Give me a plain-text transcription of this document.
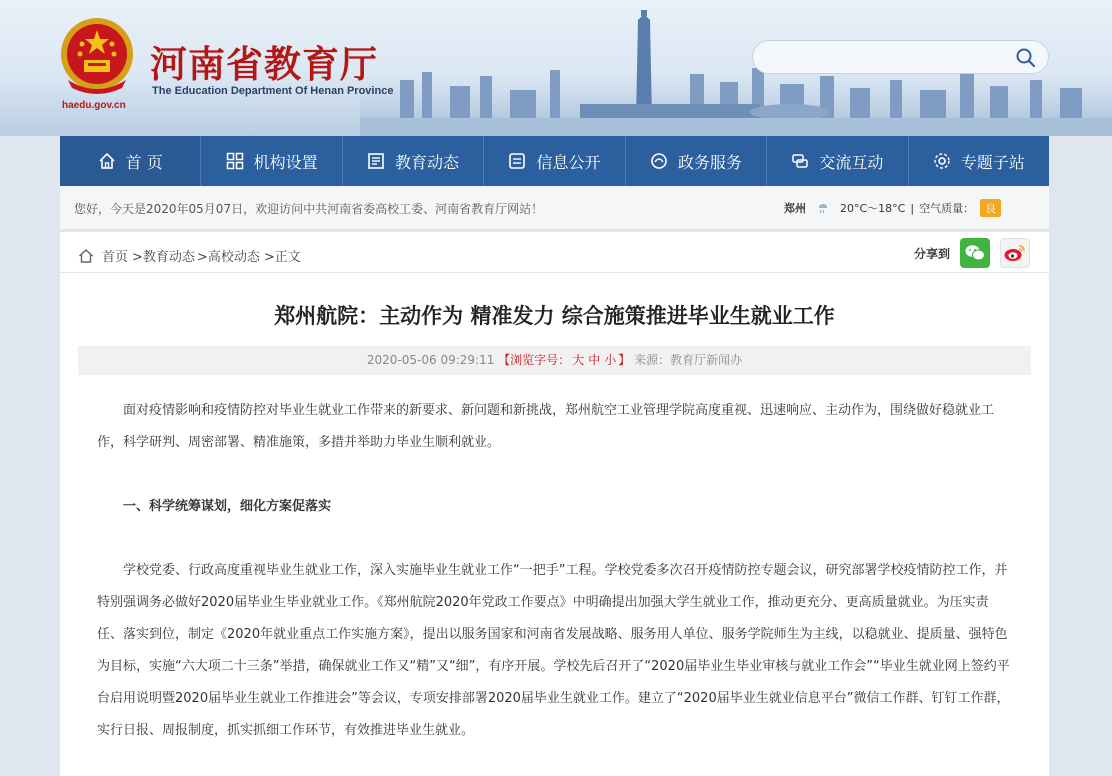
haedu.gov.cn
河南省教育厅
The Education Department Of Henan Province
首 页	机构设置	教育动态	信息公开	政务服务	交流互动	专题子站
您好，今天是2020年05月07日，欢迎访问中共河南省委高校工委、河南省教育厅网站！	郑州	20°C～18°C | 空气质量：	良
首页 >教育动态 >高校动态 >正文	分享到
郑州航院：主动作为 精准发力 综合施策推进毕业生就业工作
2020-05-06 09:29:11 【浏览字号： 大 中 小 】 来源：教育厅新闻办

面对疫情影响和疫情防控对毕业生就业工作带来的新要求、新问题和新挑战，郑州航空工业管理学院高度重视、迅速响应、主动作为，围绕做好稳就业工作，科学研判、周密部署、精准施策，多措并举助力毕业生顺利就业。

一、科学统筹谋划，细化方案促落实

学校党委、行政高度重视毕业生就业工作，深入实施毕业生就业工作“一把手”工程。学校党委多次召开疫情防控专题会议，研究部署学校疫情防控工作，并特别强调务必做好2020届毕业生毕业就业工作。《郑州航院2020年党政工作要点》中明确提出加强大学生就业工作，推动更充分、更高质量就业。为压实责任、落实到位，制定《2020年就业重点工作实施方案》，提出以服务国家和河南省发展战略、服务用人单位、服务学院师生为主线，以稳就业、提质量、强特色为目标，实施“六大项二十三条”举措，确保就业工作又“精”又“细”，有序开展。学校先后召开了“2020届毕业生毕业审核与就业工作会”“毕业生就业网上签约平台启用说明暨2020届毕业生就业工作推进会”等会议，专项安排部署2020届毕业生就业工作。建立了“2020届毕业生就业信息平台”微信工作群、钉钉工作群，实行日报、周报制度，抓实抓细工作环节，有效推进毕业生就业。
